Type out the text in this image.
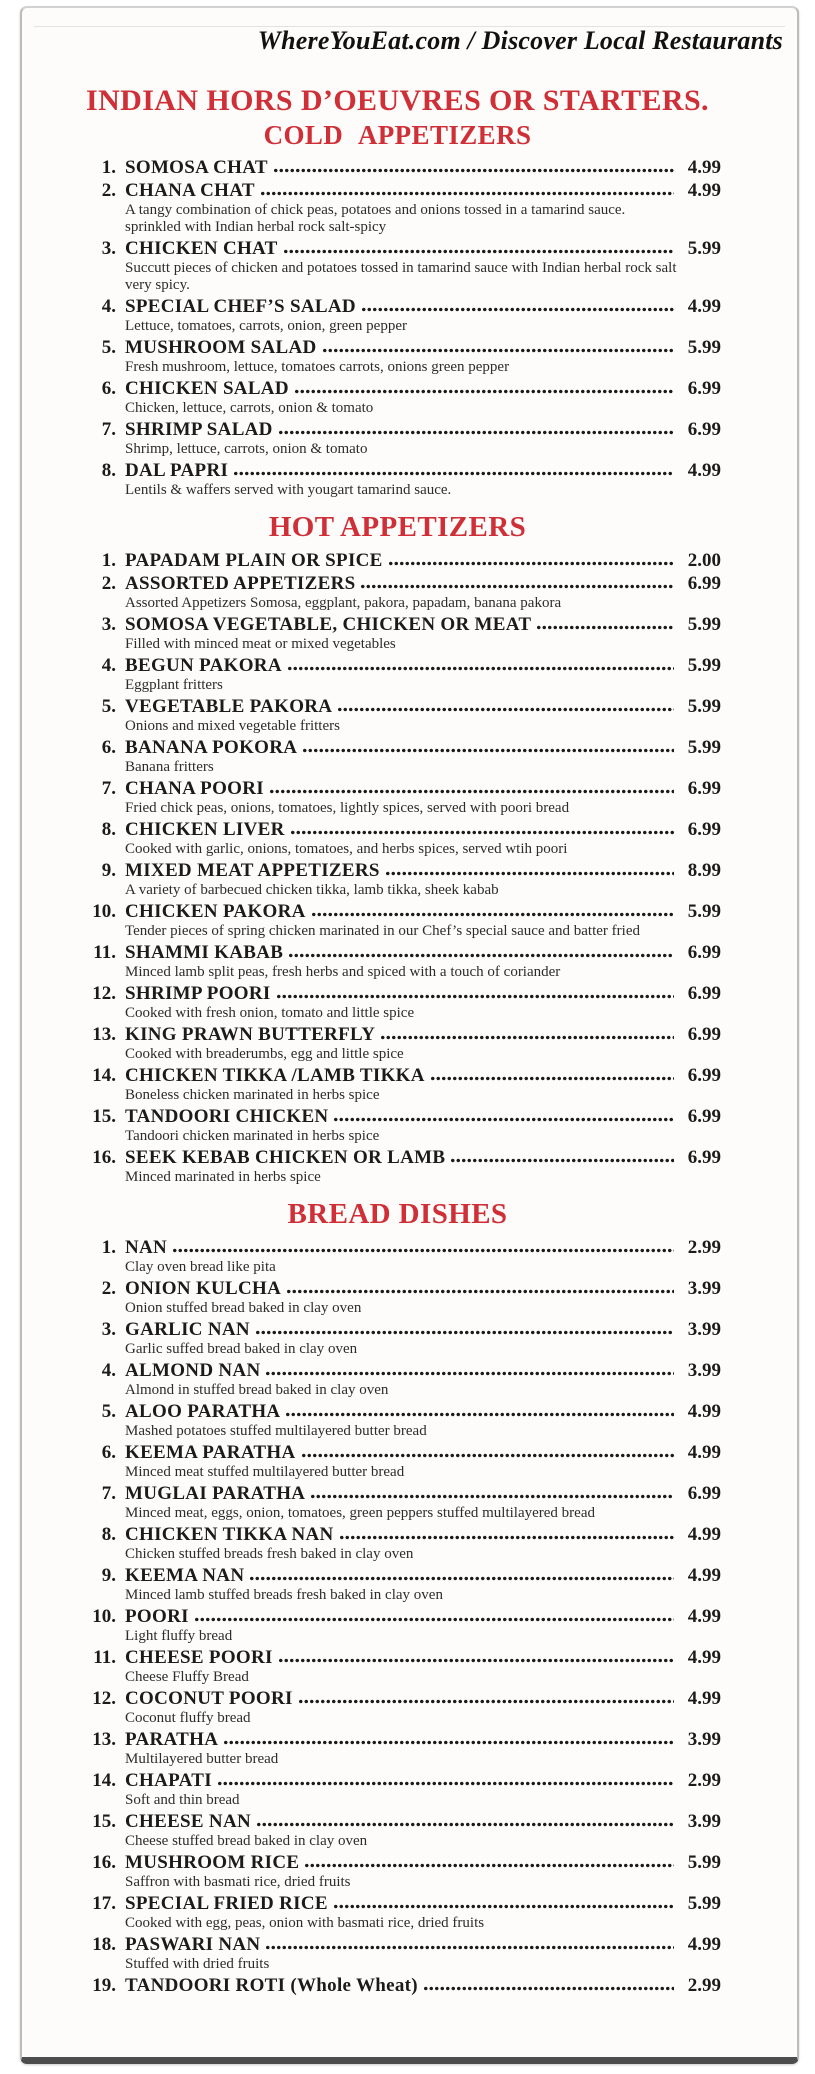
WhereYouEat.com / Discover Local Restaurants
INDIAN HORS D’OEUVRES OR STARTERS.
COLD APPETIZERS
1. SOMOSA CHAT	4.99
2. CHANA CHAT	4.99
A tangy combination of chick peas, potatoes and onions tossed in a tamarind sauce. sprinkled with Indian herbal rock salt-spicy
3. CHICKEN CHAT	5.99
Succutt pieces of chicken and potatoes tossed in tamarind sauce with Indian herbal rock salt very spicy.
4. SPECIAL CHEF’S SALAD	4.99
Lettuce, tomatoes, carrots, onion, green pepper
5. MUSHROOM SALAD	5.99
Fresh mushroom, lettuce, tomatoes carrots, onions green pepper
6. CHICKEN SALAD	6.99
Chicken, lettuce, carrots, onion & tomato
7. SHRIMP SALAD	6.99
Shrimp, lettuce, carrots, onion & tomato
8. DAL PAPRI	4.99
Lentils & waffers served with yougart tamarind sauce.
HOT APPETIZERS
1. PAPADAM PLAIN OR SPICE	2.00
2. ASSORTED APPETIZERS	6.99
Assorted Appetizers Somosa, eggplant, pakora, papadam, banana pakora
3. SOMOSA VEGETABLE, CHICKEN OR MEAT	5.99
Filled with minced meat or mixed vegetables
4. BEGUN PAKORA	5.99
Eggplant fritters
5. VEGETABLE PAKORA	5.99
Onions and mixed vegetable fritters
6. BANANA POKORA	5.99
Banana fritters
7. CHANA POORI	6.99
Fried chick peas, onions, tomatoes, lightly spices, served with poori bread
8. CHICKEN LIVER	6.99
Cooked with garlic, onions, tomatoes, and herbs spices, served wtih poori
9. MIXED MEAT APPETIZERS	8.99
A variety of barbecued chicken tikka, lamb tikka, sheek kabab
10. CHICKEN PAKORA	5.99
Tender pieces of spring chicken marinated in our Chef’s special sauce and batter fried
11. SHAMMI KABAB	6.99
Minced lamb split peas, fresh herbs and spiced with a touch of coriander
12. SHRIMP POORI	6.99
Cooked with fresh onion, tomato and little spice
13. KING PRAWN BUTTERFLY	6.99
Cooked with breaderumbs, egg and little spice
14. CHICKEN TIKKA /LAMB TIKKA	6.99
Boneless chicken marinated in herbs spice
15. TANDOORI CHICKEN	6.99
Tandoori chicken marinated in herbs spice
16. SEEK KEBAB CHICKEN OR LAMB	6.99
Minced marinated in herbs spice
BREAD DISHES
1. NAN	2.99
Clay oven bread like pita
2. ONION KULCHA	3.99
Onion stuffed bread baked in clay oven
3. GARLIC NAN	3.99
Garlic suffed bread baked in clay oven
4. ALMOND NAN	3.99
Almond in stuffed bread baked in clay oven
5. ALOO PARATHA	4.99
Mashed potatoes stuffed multilayered butter bread
6. KEEMA PARATHA	4.99
Minced meat stuffed multilayered butter bread
7. MUGLAI PARATHA	6.99
Minced meat, eggs, onion, tomatoes, green peppers stuffed multilayered bread
8. CHICKEN TIKKA NAN	4.99
Chicken stuffed breads fresh baked in clay oven
9. KEEMA NAN	4.99
Minced lamb stuffed breads fresh baked in clay oven
10. POORI	4.99
Light fluffy bread
11. CHEESE POORI	4.99
Cheese Fluffy Bread
12. COCONUT POORI	4.99
Coconut fluffy bread
13. PARATHA	3.99
Multilayered butter bread
14. CHAPATI	2.99
Soft and thin bread
15. CHEESE NAN	3.99
Cheese stuffed bread baked in clay oven
16. MUSHROOM RICE	5.99
Saffron with basmati rice, dried fruits
17. SPECIAL FRIED RICE	5.99
Cooked with egg, peas, onion with basmati rice, dried fruits
18. PASWARI NAN	4.99
Stuffed with dried fruits
19. TANDOORI ROTI (Whole Wheat)	2.99
